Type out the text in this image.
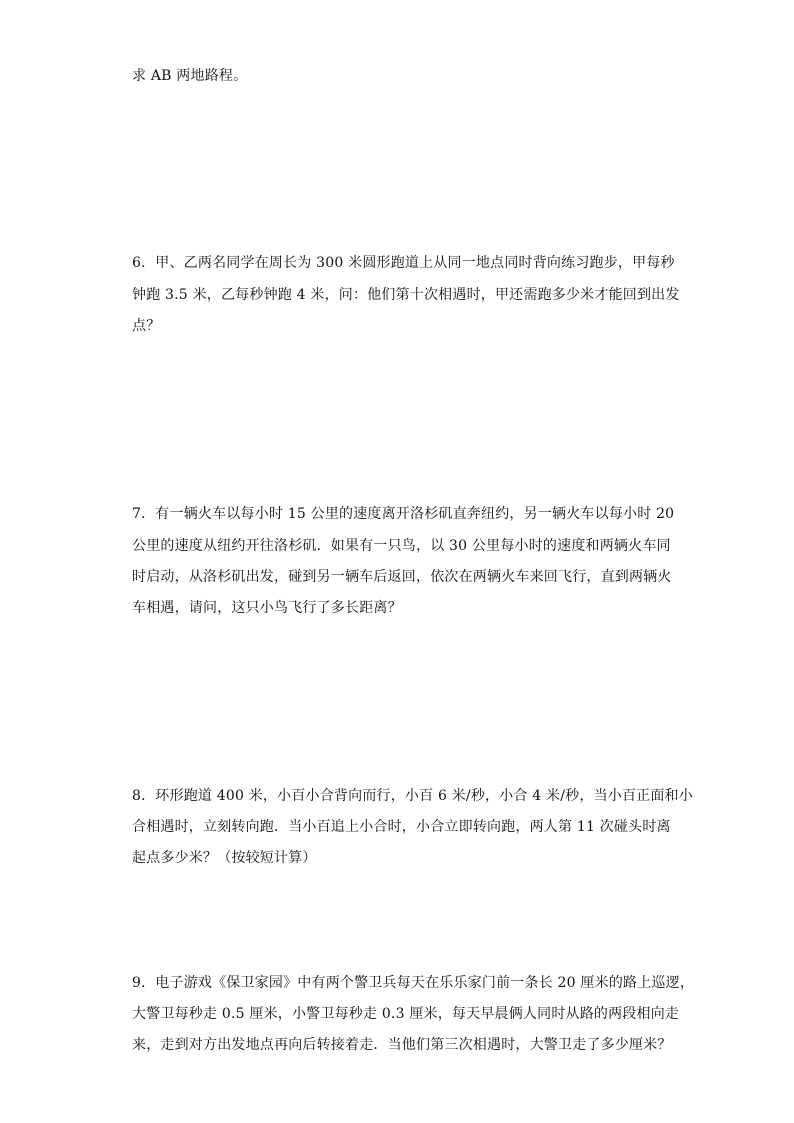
求 AB 两地路程。
6．甲、乙两名同学在周长为 300 米圆形跑道上从同一地点同时背向练习跑步，甲每秒
钟跑 3.5 米，乙每秒钟跑 4 米，问：他们第十次相遇时，甲还需跑多少米才能回到出发
点？
7．有一辆火车以每小时 15 公里的速度离开洛杉矶直奔纽约，另一辆火车以每小时 20
公里的速度从纽约开往洛杉矶．如果有一只鸟，以 30 公里每小时的速度和两辆火车同
时启动，从洛杉矶出发，碰到另一辆车后返回，依次在两辆火车来回飞行，直到两辆火
车相遇，请问，这只小鸟飞行了多长距离？
8．环形跑道 400 米，小百小合背向而行，小百 6 米/秒，小合 4 米/秒，当小百正面和小
合相遇时，立刻转向跑．当小百追上小合时，小合立即转向跑，两人第 11 次碰头时离
起点多少米？（按较短计算）
9．电子游戏《保卫家园》中有两个警卫兵每天在乐乐家门前一条长 20 厘米的路上巡逻，
大警卫每秒走 0.5 厘米，小警卫每秒走 0.3 厘米，每天早晨俩人同时从路的两段相向走
来，走到对方出发地点再向后转接着走．当他们第三次相遇时，大警卫走了多少厘米？
